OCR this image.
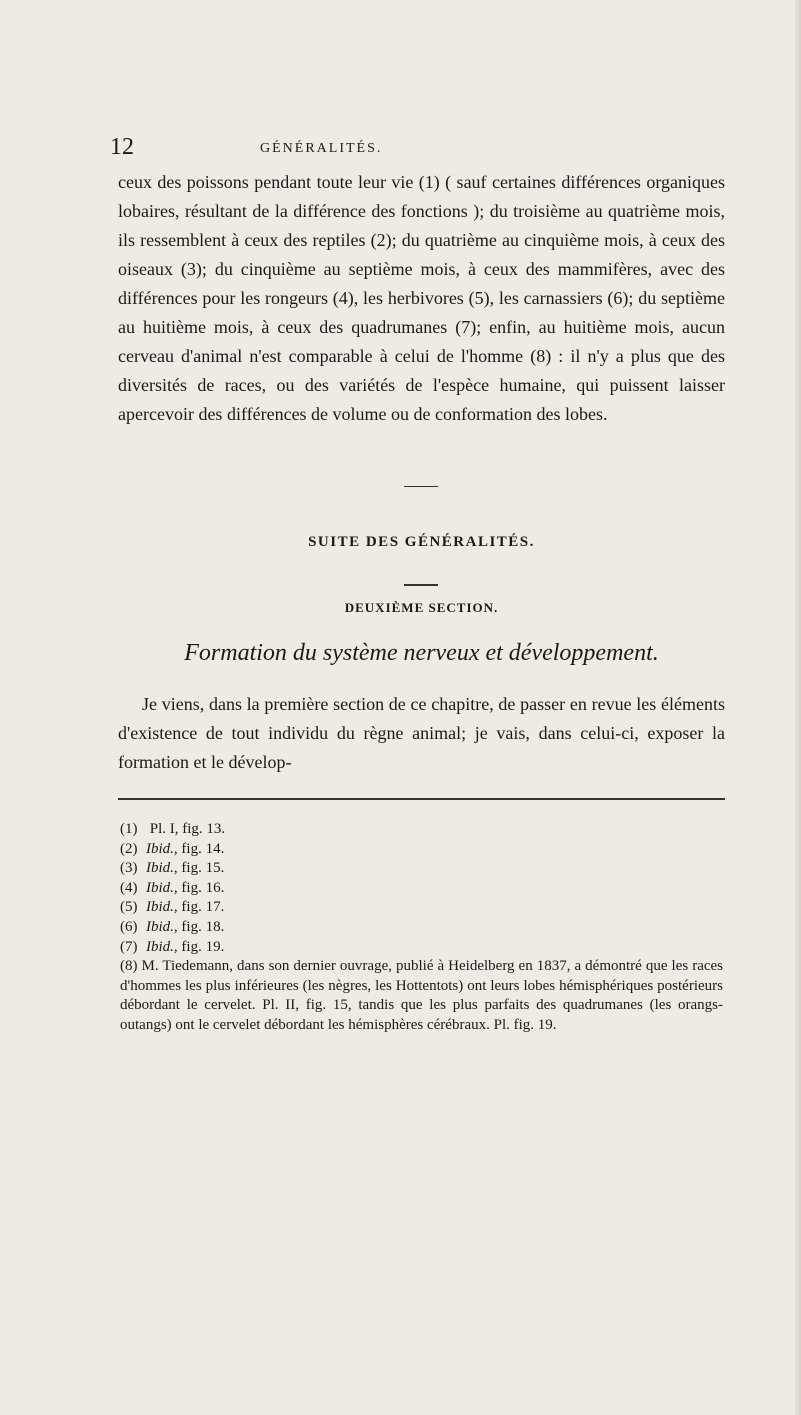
12	GÉNÉRALITÉS.

ceux des poissons pendant toute leur vie (1) ( sauf certaines différences organiques lobaires, résultant de la différence des fonctions ); du troisième au quatrième mois, ils ressemblent à ceux des reptiles (2); du quatrième au cinquième mois, à ceux des oiseaux (3); du cinquième au septième mois, à ceux des mammifères, avec des différences pour les rongeurs (4), les herbivores (5), les carnassiers (6); du septième au huitième mois, à ceux des quadrumanes (7); enfin, au huitième mois, aucun cerveau d'animal n'est comparable à celui de l'homme (8) : il n'y a plus que des diversités de races, ou des variétés de l'espèce humaine, qui puissent laisser apercevoir des différences de volume ou de conformation des lobes.

SUITE DES GÉNÉRALITÉS.
DEUXIÈME SECTION.
Formation du système nerveux et développement.

Je viens, dans la première section de ce chapitre, de passer en revue les éléments d'existence de tout individu du règne animal; je vais, dans celui-ci, exposer la formation et le dévelop-

(1) Pl. I, fig. 13.
(2) Ibid., fig. 14.
(3) Ibid., fig. 15.
(4) Ibid., fig. 16.
(5) Ibid., fig. 17.
(6) Ibid., fig. 18.
(7) Ibid., fig. 19.
(8) M. Tiedemann, dans son dernier ouvrage, publié à Heidelberg en 1837, a démontré que les races d'hommes les plus inférieures (les nègres, les Hottentots) ont leurs lobes hémisphériques postérieurs débordant le cervelet. Pl. II, fig. 15, tandis que les plus parfaits des quadrumanes (les orangs-outangs) ont le cervelet débordant les hémisphères cérébraux. Pl. fig. 19.
